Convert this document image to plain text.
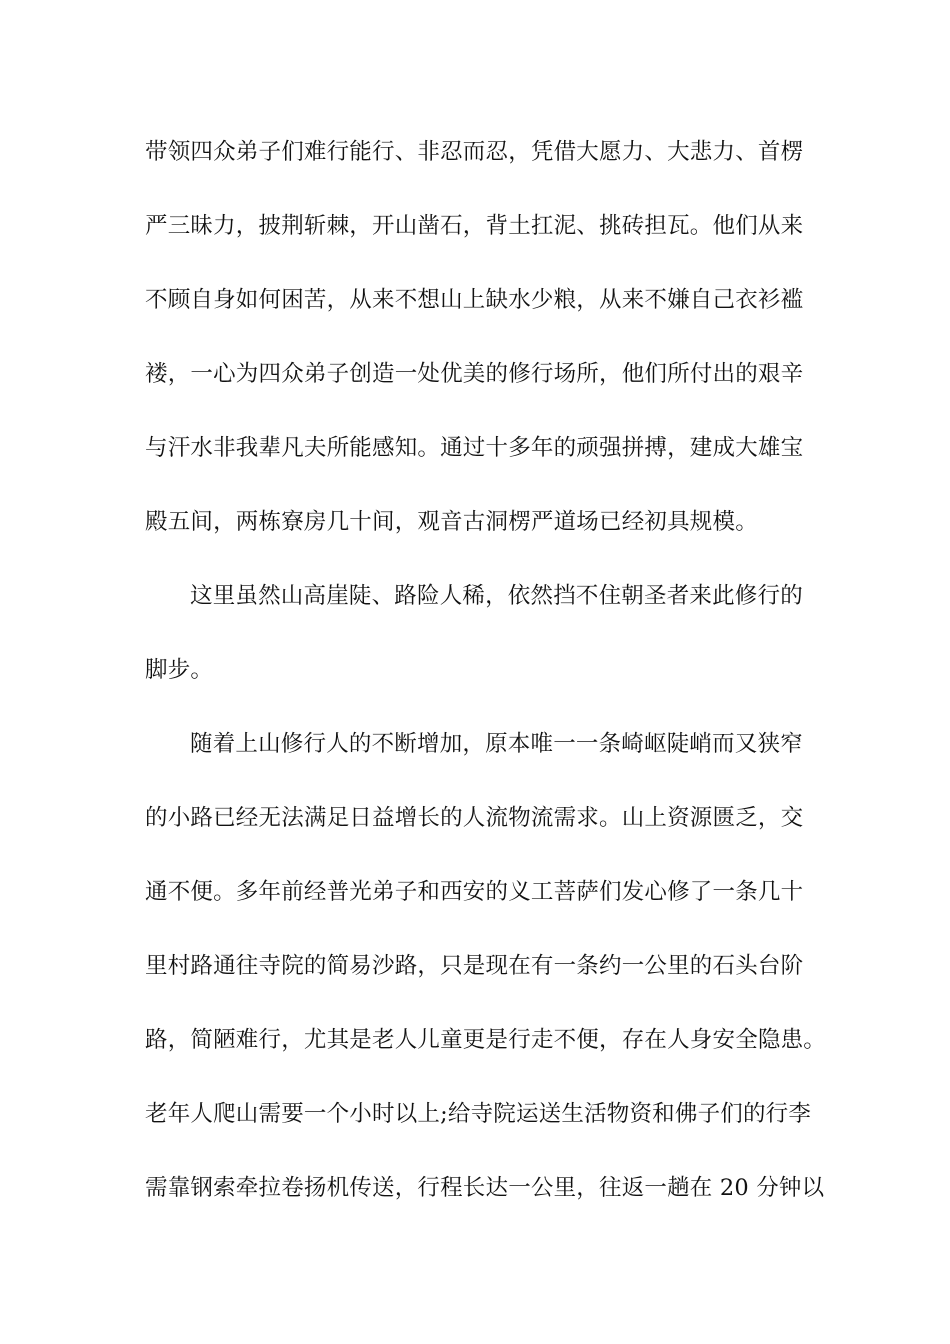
带领四众弟子们难行能行、非忍而忍，凭借大愿力、大悲力、首楞
严三昧力，披荆斩棘，开山凿石，背土扛泥、挑砖担瓦。他们从来
不顾自身如何困苦，从来不想山上缺水少粮，从来不嫌自己衣衫褴
褛，一心为四众弟子创造一处优美的修行场所，他们所付出的艰辛
与汗水非我辈凡夫所能感知。通过十多年的顽强拼搏，建成大雄宝
殿五间，两栋寮房几十间，观音古洞楞严道场已经初具规模。
这里虽然山高崖陡、路险人稀，依然挡不住朝圣者来此修行的
脚步。
随着上山修行人的不断增加，原本唯一一条崎岖陡峭而又狭窄
的小路已经无法满足日益增长的人流物流需求。山上资源匮乏，交
通不便。多年前经普光弟子和西安的义工菩萨们发心修了一条几十
里村路通往寺院的简易沙路，只是现在有一条约一公里的石头台阶
路，简陋难行，尤其是老人儿童更是行走不便，存在人身安全隐患。
老年人爬山需要一个小时以上;给寺院运送生活物资和佛子们的行李
需靠钢索牵拉卷扬机传送，行程长达一公里，往返一趟在 20 分钟以
